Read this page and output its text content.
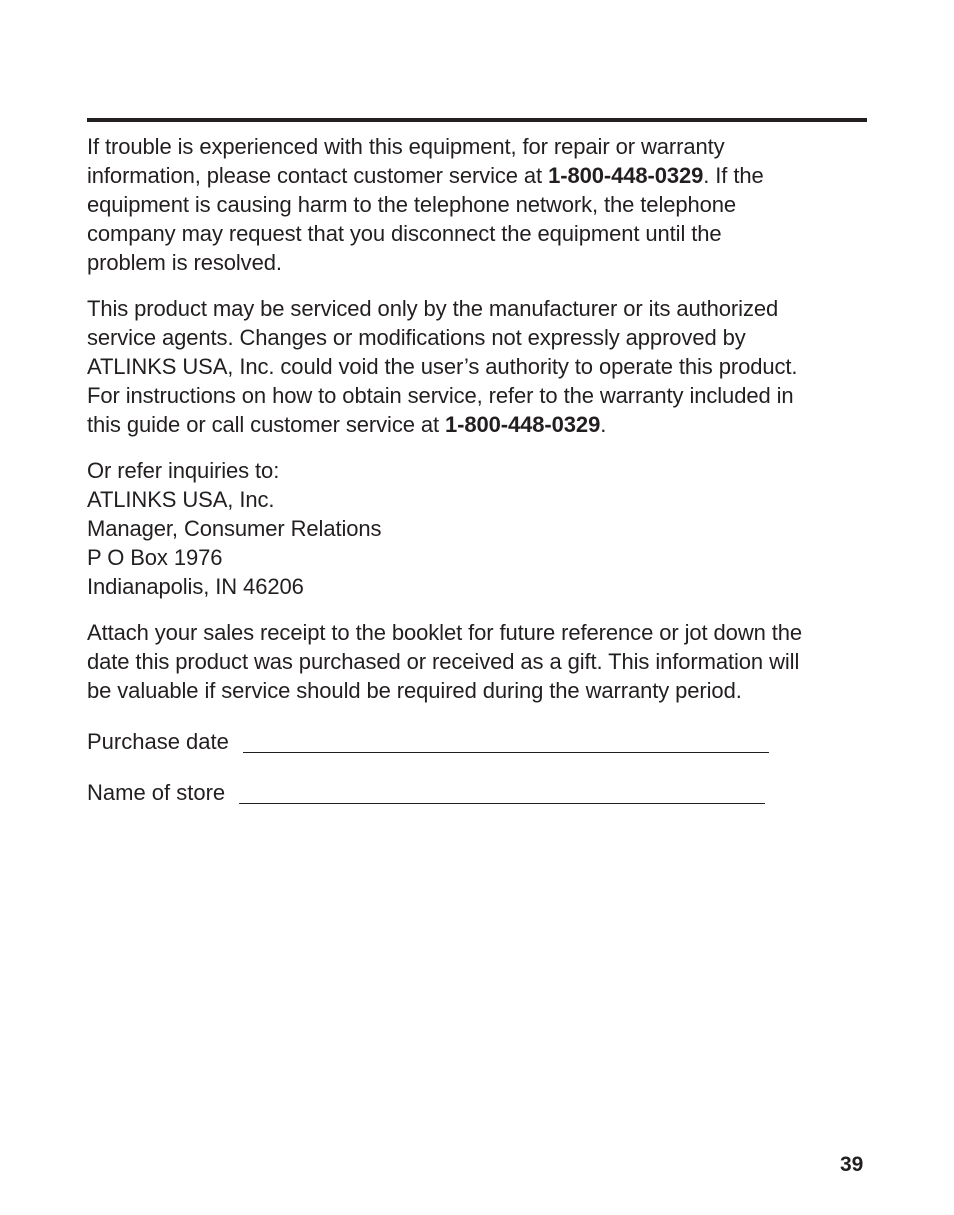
If trouble is experienced with this equipment, for repair or warranty
information, please contact customer service at 1-800-448-0329. If the
equipment is causing harm to the telephone network, the telephone
company may request that you disconnect the equipment until the
problem is resolved.

This product may be serviced only by the manufacturer or its authorized
service agents. Changes or modifications not expressly approved by
ATLINKS USA, Inc. could void the user’s authority to operate this product.
For instructions on how to obtain service, refer to the warranty included in
this guide or call customer service at 1-800-448-0329.

Or refer inquiries to:
ATLINKS USA, Inc.
Manager, Consumer Relations
P O Box 1976
Indianapolis, IN 46206

Attach your sales receipt to the booklet for future reference or jot down the
date this product was purchased or received as a gift. This information will
be valuable if service should be required during the warranty period.

Purchase date
Name of store
39
